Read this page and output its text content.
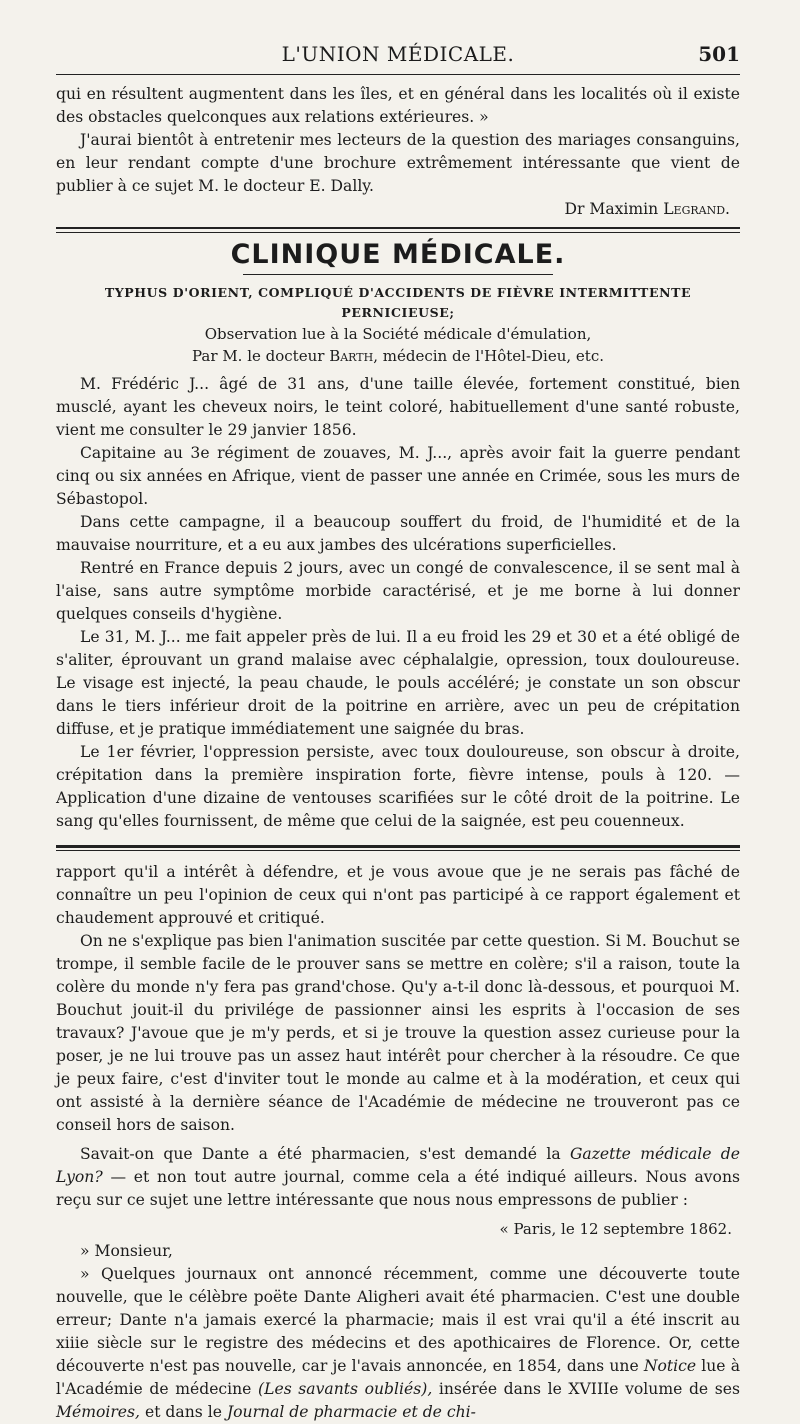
L'UNION MÉDICALE.	501

qui en résultent augmentent dans les îles, et en général dans les localités où il existe des obstacles quelconques aux relations extérieures. »

J'aurai bientôt à entretenir mes lecteurs de la question des mariages consanguins, en leur rendant compte d'une brochure extrêmement intéressante que vient de publier à ce sujet M. le docteur E. Dally.

Dr Maximin Legrand.
CLINIQUE MÉDICALE.
TYPHUS D'ORIENT, COMPLIQUÉ D'ACCIDENTS DE FIÈVRE INTERMITTENTE PERNICIEUSE;
Observation lue à la Société médicale d'émulation,
Par M. le docteur Barth, médecin de l'Hôtel-Dieu, etc.

M. Frédéric J... âgé de 31 ans, d'une taille élevée, fortement constitué, bien musclé, ayant les cheveux noirs, le teint coloré, habituellement d'une santé robuste, vient me consulter le 29 janvier 1856.

Capitaine au 3e régiment de zouaves, M. J..., après avoir fait la guerre pendant cinq ou six années en Afrique, vient de passer une année en Crimée, sous les murs de Sébastopol.

Dans cette campagne, il a beaucoup souffert du froid, de l'humidité et de la mauvaise nourriture, et a eu aux jambes des ulcérations superficielles.

Rentré en France depuis 2 jours, avec un congé de convalescence, il se sent mal à l'aise, sans autre symptôme morbide caractérisé, et je me borne à lui donner quelques conseils d'hygiène.

Le 31, M. J... me fait appeler près de lui. Il a eu froid les 29 et 30 et a été obligé de s'aliter, éprouvant un grand malaise avec céphalalgie, opression, toux douloureuse. Le visage est injecté, la peau chaude, le pouls accéléré; je constate un son obscur dans le tiers inférieur droit de la poitrine en arrière, avec un peu de crépitation diffuse, et je pratique immédiatement une saignée du bras.

Le 1er février, l'oppression persiste, avec toux douloureuse, son obscur à droite, crépitation dans la première inspiration forte, fièvre intense, pouls à 120. — Application d'une dizaine de ventouses scarifiées sur le côté droit de la poitrine. Le sang qu'elles fournissent, de même que celui de la saignée, est peu couenneux.

rapport qu'il a intérêt à défendre, et je vous avoue que je ne serais pas fâché de connaître un peu l'opinion de ceux qui n'ont pas participé à ce rapport également et chaudement approuvé et critiqué.

On ne s'explique pas bien l'animation suscitée par cette question. Si M. Bouchut se trompe, il semble facile de le prouver sans se mettre en colère; s'il a raison, toute la colère du monde n'y fera pas grand'chose. Qu'y a-t-il donc là-dessous, et pourquoi M. Bouchut jouit-il du privilége de passionner ainsi les esprits à l'occasion de ses travaux? J'avoue que je m'y perds, et si je trouve la question assez curieuse pour la poser, je ne lui trouve pas un assez haut intérêt pour chercher à la résoudre. Ce que je peux faire, c'est d'inviter tout le monde au calme et à la modération, et ceux qui ont assisté à la dernière séance de l'Académie de médecine ne trouveront pas ce conseil hors de saison.

Savait-on que Dante a été pharmacien, s'est demandé la Gazette médicale de Lyon? — et non tout autre journal, comme cela a été indiqué ailleurs. Nous avons reçu sur ce sujet une lettre intéressante que nous nous empressons de publier :

« Paris, le 12 septembre 1862.

» Monsieur,

» Quelques journaux ont annoncé récemment, comme une découverte toute nouvelle, que le célèbre poëte Dante Aligheri avait été pharmacien. C'est une double erreur; Dante n'a jamais exercé la pharmacie; mais il est vrai qu'il a été inscrit au xiiie siècle sur le registre des médecins et des apothicaires de Florence. Or, cette découverte n'est pas nouvelle, car je l'avais annoncée, en 1854, dans une Notice lue à l'Académie de médecine (Les savants oubliés), insérée dans le XVIIIe volume de ses Mémoires, et dans le Journal de pharmacie et de chi-
